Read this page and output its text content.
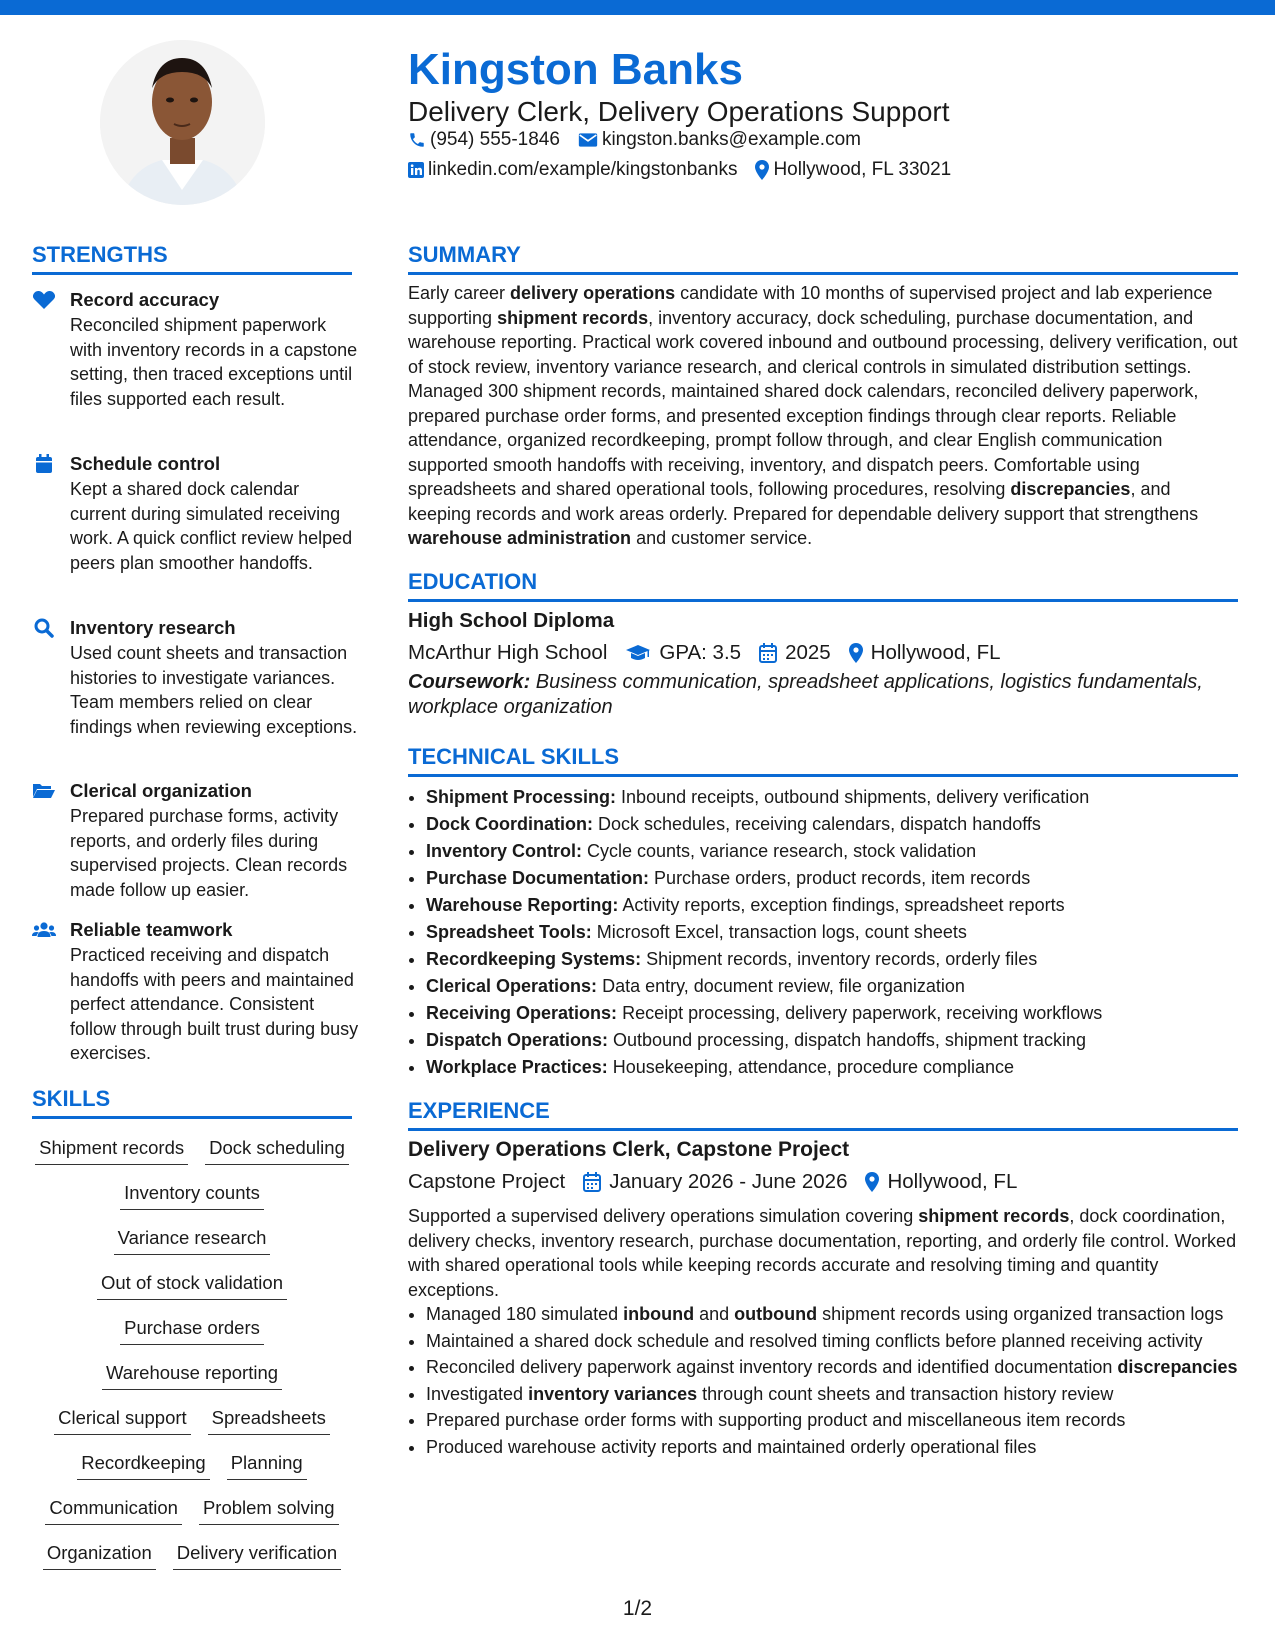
Kingston Banks
Delivery Clerk, Delivery Operations Support
(954) 555-1846 kingston.banks@example.com
linkedin.com/example/kingstonbanks Hollywood, FL 33021
STRENGTHS
Record accuracy
Reconciled shipment paperwork with inventory records in a capstone setting, then traced exceptions until files supported each result.
Schedule control
Kept a shared dock calendar current during simulated receiving work. A quick conflict review helped peers plan smoother handoffs.
Inventory research
Used count sheets and transaction histories to investigate variances. Team members relied on clear findings when reviewing exceptions.
Clerical organization
Prepared purchase forms, activity reports, and orderly files during supervised projects. Clean records made follow up easier.
Reliable teamwork
Practiced receiving and dispatch handoffs with peers and maintained perfect attendance. Consistent follow through built trust during busy exercises.
SKILLS
Shipment records Dock scheduling
Inventory counts
Variance research
Out of stock validation
Purchase orders
Warehouse reporting
Clerical support Spreadsheets
Recordkeeping Planning
Communication Problem solving
Organization Delivery verification
SUMMARY
Early career delivery operations candidate with 10 months of supervised project and lab experience supporting shipment records, inventory accuracy, dock scheduling, purchase documentation, and warehouse reporting. Practical work covered inbound and outbound processing, delivery verification, out of stock review, inventory variance research, and clerical controls in simulated distribution settings. Managed 300 shipment records, maintained shared dock calendars, reconciled delivery paperwork, prepared purchase order forms, and presented exception findings through clear reports. Reliable attendance, organized recordkeeping, prompt follow through, and clear English communication supported smooth handoffs with receiving, inventory, and dispatch peers. Comfortable using spreadsheets and shared operational tools, following procedures, resolving discrepancies, and keeping records and work areas orderly. Prepared for dependable delivery support that strengthens warehouse administration and customer service.
EDUCATION
High School Diploma
McArthur High School	GPA: 3.5 2025 Hollywood, FL
Coursework: Business communication, spreadsheet applications, logistics fundamentals, workplace organization
TECHNICAL SKILLS
• Shipment Processing: Inbound receipts, outbound shipments, delivery verification
• Dock Coordination: Dock schedules, receiving calendars, dispatch handoffs
• Inventory Control: Cycle counts, variance research, stock validation
• Purchase Documentation: Purchase orders, product records, item records
• Warehouse Reporting: Activity reports, exception findings, spreadsheet reports
• Spreadsheet Tools: Microsoft Excel, transaction logs, count sheets
• Recordkeeping Systems: Shipment records, inventory records, orderly files
• Clerical Operations: Data entry, document review, file organization
• Receiving Operations: Receipt processing, delivery paperwork, receiving workflows
• Dispatch Operations: Outbound processing, dispatch handoffs, shipment tracking
• Workplace Practices: Housekeeping, attendance, procedure compliance
EXPERIENCE
Delivery Operations Clerk, Capstone Project
Capstone Project January 2026 - June 2026 Hollywood, FL
Supported a supervised delivery operations simulation covering shipment records, dock coordination, delivery checks, inventory research, purchase documentation, reporting, and orderly file control. Worked with shared operational tools while keeping records accurate and resolving timing and quantity exceptions.
• Managed 180 simulated inbound and outbound shipment records using organized transaction logs
• Maintained a shared dock schedule and resolved timing conflicts before planned receiving activity
• Reconciled delivery paperwork against inventory records and identified documentation discrepancies
• Investigated inventory variances through count sheets and transaction history review
• Prepared purchase order forms with supporting product and miscellaneous item records
• Produced warehouse activity reports and maintained orderly operational files
1/2
